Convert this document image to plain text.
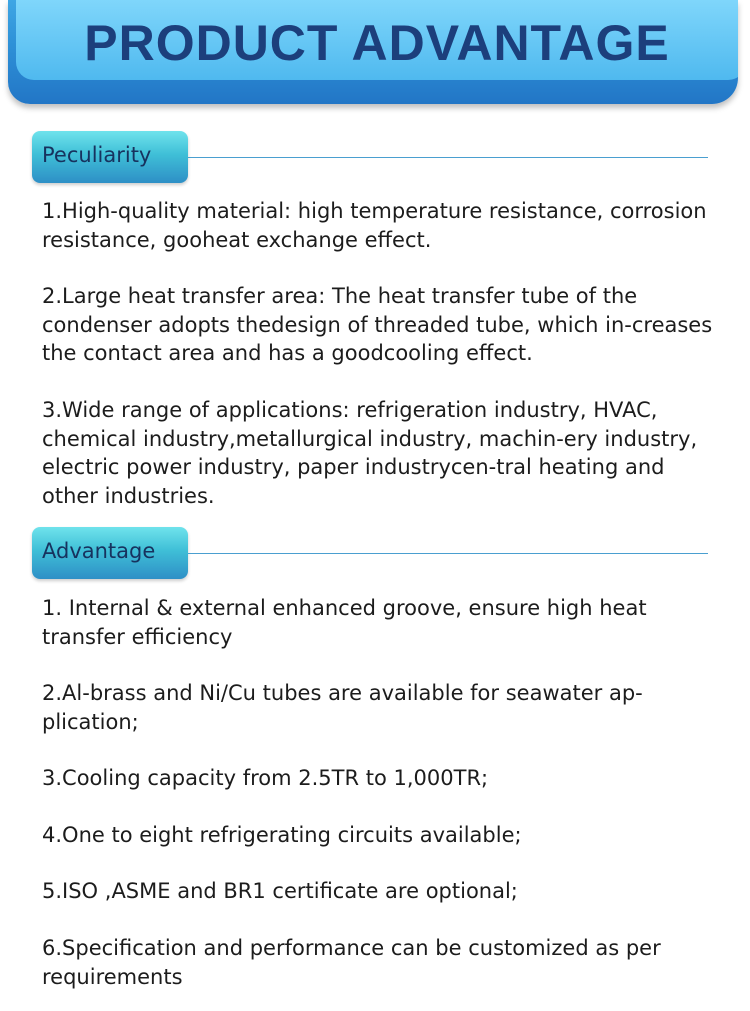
PRODUCT ADVANTAGE
Peculiarity

1.High-quality material: high temperature resistance, corrosion resistance, gooheat exchange effect.

2.Large heat transfer area: The heat transfer tube of the condenser adopts thedesign of threaded tube, which in-creases the contact area and has a goodcooling effect.

3.Wide range of applications: refrigeration industry, HVAC, chemical industry,metallurgical industry, machin-ery industry, electric power industry, paper industrycen-tral heating and other industries.

Advantage

1. Internal & external enhanced groove, ensure high heat transfer efficiency

2.Al-brass and Ni/Cu tubes are available for seawater ap-plication;

3.Cooling capacity from 2.5TR to 1,000TR;

4.One to eight refrigerating circuits available;

5.ISO ,ASME and BR1 certificate are optional;

6.Specification and performance can be customized as per requirements
